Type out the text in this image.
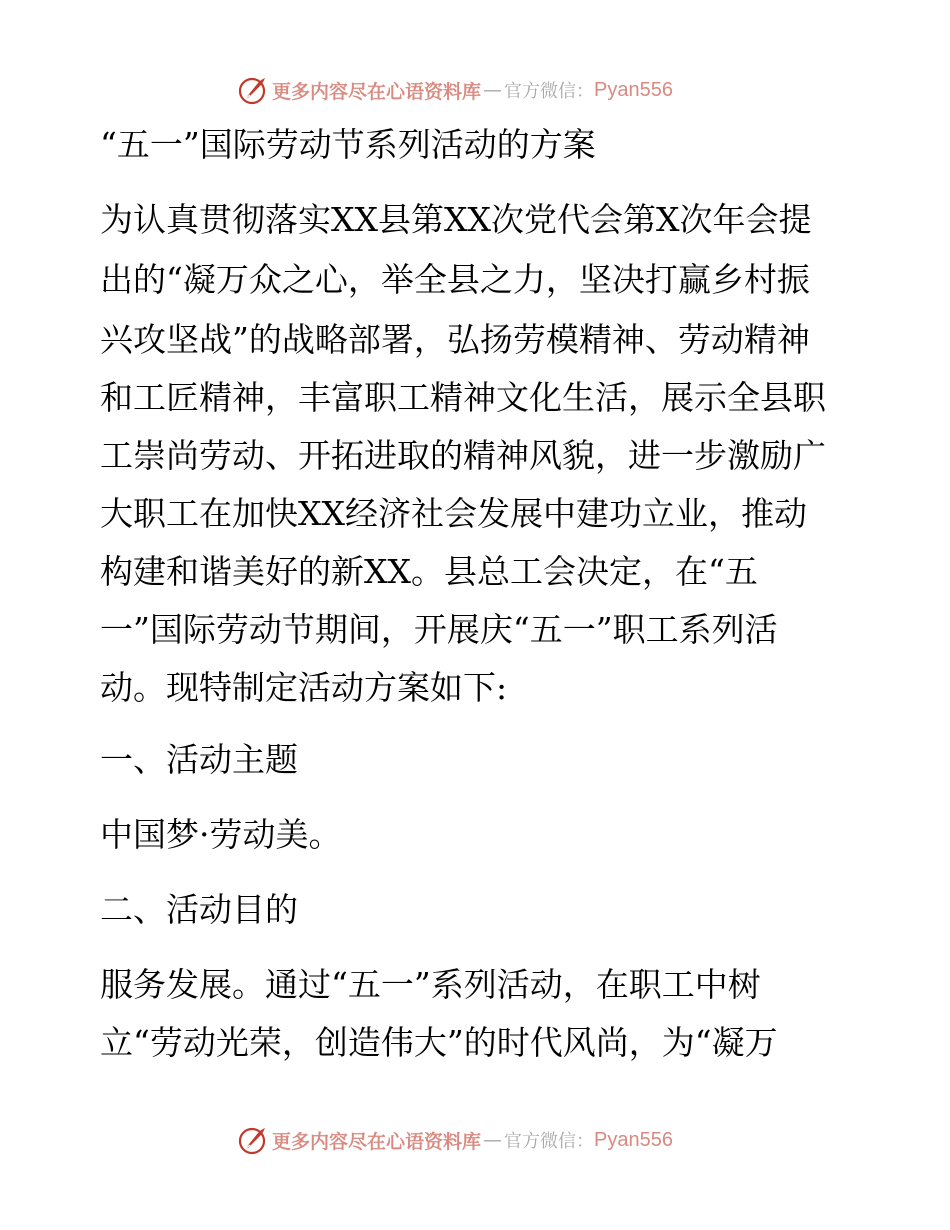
更多内容尽在心语资料库 — 官方微信： Pyan556
“五一”国际劳动节系列活动的方案
为认真贯彻落实XX县第XX次党代会第X次年会提
出的“凝万众之心，举全县之力，坚决打赢乡村振
兴攻坚战”的战略部署，弘扬劳模精神、劳动精神
和工匠精神，丰富职工精神文化生活，展示全县职
工崇尚劳动、开拓进取的精神风貌，进一步激励广
大职工在加快XX经济社会发展中建功立业，推动
构建和谐美好的新XX。县总工会决定，在“五
一”国际劳动节期间，开展庆“五一”职工系列活
动。现特制定活动方案如下:
一、活动主题
中国梦·劳动美。
二、活动目的
服务发展。通过“五一”系列活动，在职工中树
立“劳动光荣，创造伟大”的时代风尚，为“凝万
更多内容尽在心语资料库 — 官方微信： Pyan556
